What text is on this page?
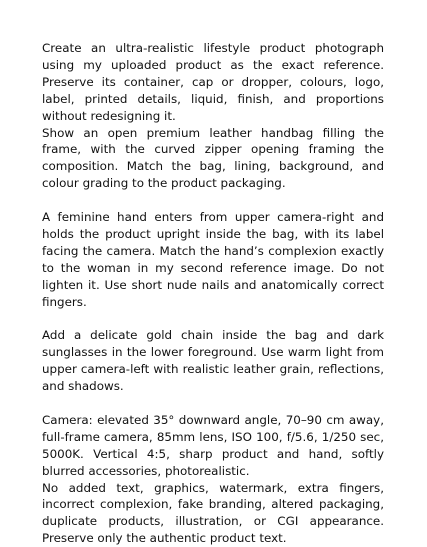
Create an ultra-realistic lifestyle product photograph using my uploaded product as the exact reference. Preserve its container, cap or dropper, colours, logo, label, printed details, liquid, finish, and proportions without redesigning it.

Show an open premium leather handbag filling the frame, with the curved zipper opening framing the composition. Match the bag, lining, background, and colour grading to the product packaging.

A feminine hand enters from upper camera-right and holds the product upright inside the bag, with its label facing the camera. Match the hand’s complexion exactly to the woman in my second reference image. Do not lighten it. Use short nude nails and anatomically correct fingers.

Add a delicate gold chain inside the bag and dark sunglasses in the lower foreground. Use warm light from upper camera-left with realistic leather grain, reflections, and shadows.

Camera: elevated 35° downward angle, 70–90 cm away, full-frame camera, 85mm lens, ISO 100, f/5.6, 1/250 sec, 5000K. Vertical 4:5, sharp product and hand, softly blurred accessories, photorealistic.

No added text, graphics, watermark, extra fingers, incorrect complexion, fake branding, altered packaging, duplicate products, illustration, or CGI appearance. Preserve only the authentic product text.
